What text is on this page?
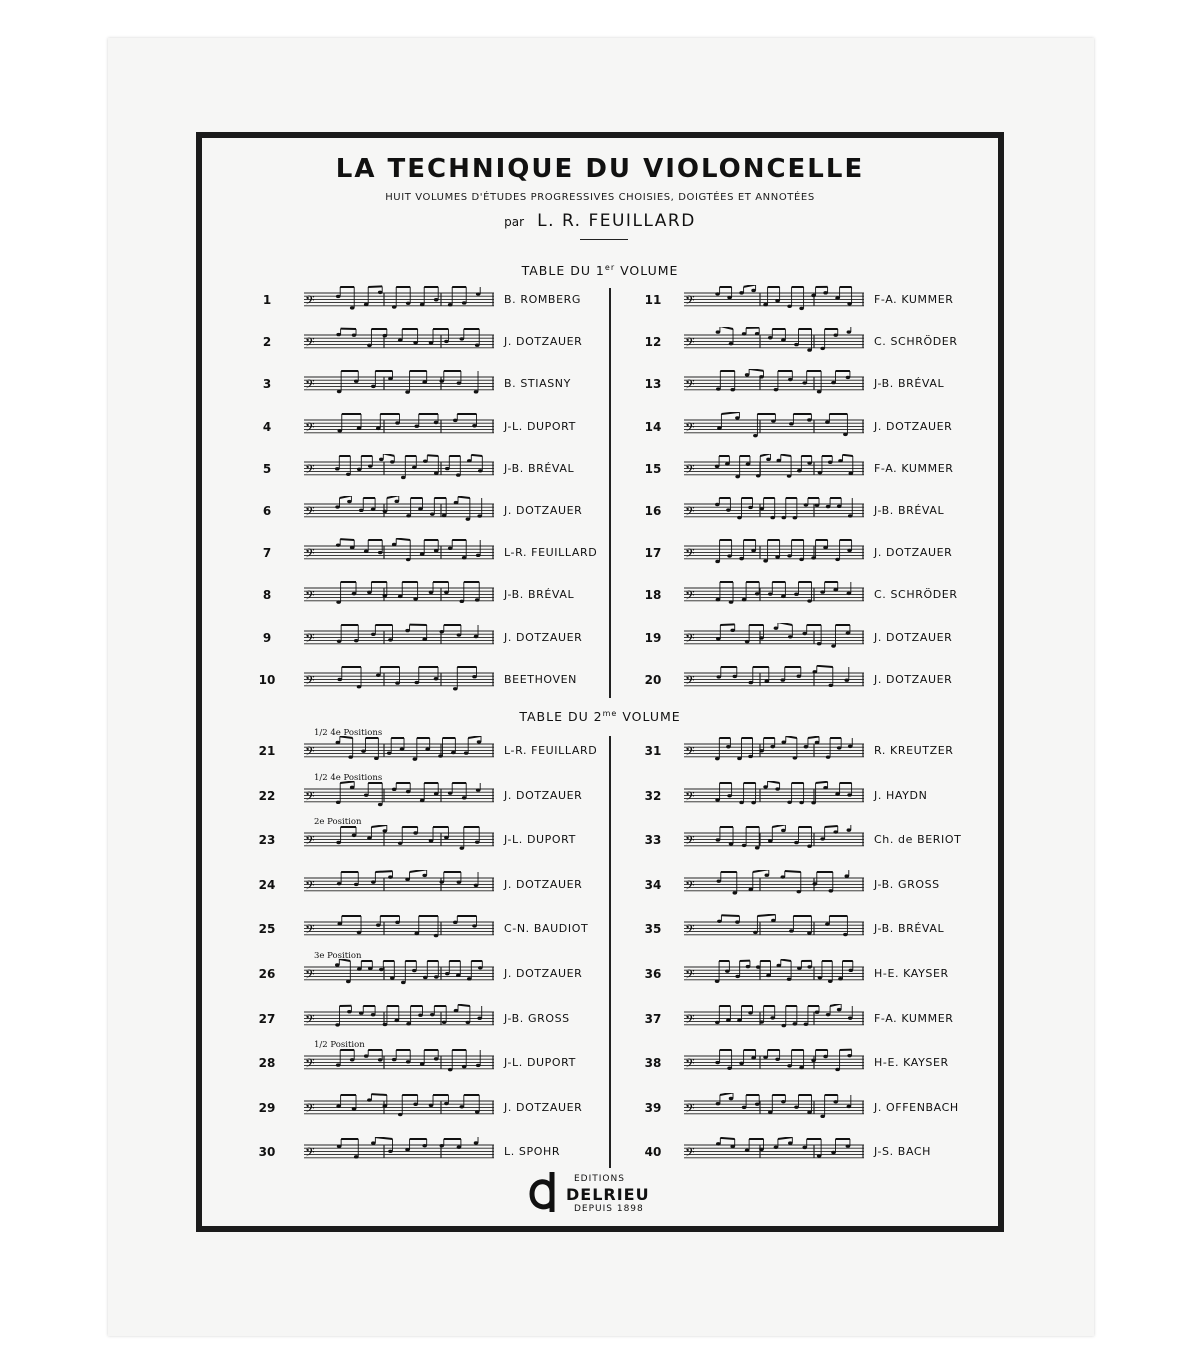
LA TECHNIQUE DU VIOLONCELLE
HUIT VOLUMES D'ÉTUDES PROGRESSIVES CHOISIES, DOIGTÉES ET ANNOTÉES
par L. R. FEUILLARD
TABLE DU 1er VOLUME
TABLE DU $2^{me}$ VOLUME
1	𝄢	B. ROMBERG
2	𝄢	J. DOTZAUER
3	𝄢	B. STIASNY
4	𝄢	J-L. DUPORT
5	𝄢	J-B. BRÉVAL
6	𝄢	J. DOTZAUER
7	𝄢	L-R. FEUILLARD
8	𝄢	J-B. BRÉVAL
9	𝄢	J. DOTZAUER
10	𝄢	BEETHOVEN
11	𝄢	F-A. KUMMER
12	𝄢	C. SCHRÖDER
13	𝄢	J-B. BRÉVAL
14	𝄢	J. DOTZAUER
15	𝄢	F-A. KUMMER
16	𝄢	J-B. BRÉVAL
17	𝄢	J. DOTZAUER
18	𝄢	C. SCHRÖDER
19	𝄢	J. DOTZAUER
20	𝄢	J. DOTZAUER
21	𝄢	L-R. FEUILLARD
1/2 4e Positions
22	𝄢	J. DOTZAUER
1/2 4e Positions
23	𝄢	J-L. DUPORT
2e Position
24	𝄢	J. DOTZAUER
25	𝄢	C-N. BAUDIOT
26	𝄢	J. DOTZAUER
3e Position
27	𝄢	J-B. GROSS
28	𝄢	J-L. DUPORT
1/2 Position
29	𝄢	J. DOTZAUER
30	𝄢	L. SPOHR
31	𝄢	R. KREUTZER
32	𝄢	J. HAYDN
33	𝄢	Ch. de BERIOT
34	𝄢	J-B. GROSS
35	𝄢	J-B. BRÉVAL
36	𝄢	H-E. KAYSER
37	𝄢	F-A. KUMMER
38	𝄢	H-E. KAYSER
39	𝄢	J. OFFENBACH
40	𝄢	J-S. BACH
EDITIONS
DELRIEU
DEPUIS 1898
